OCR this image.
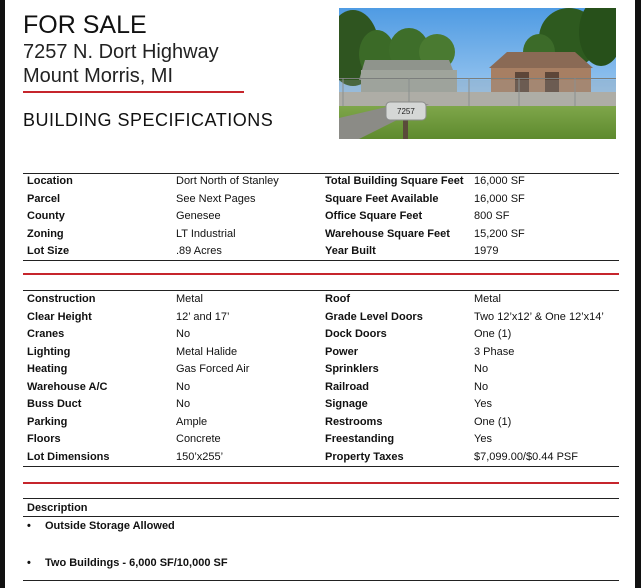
FOR SALE
7257 N. Dort Highway
Mount Morris, MI
BUILDING SPECIFICATIONS	7257
Location	Dort North of Stanley	Total Building Square Feet 16,000 SF
Parcel	See Next Pages	Square Feet Available	16,000 SF
County	Genesee	Office Square Feet	800 SF
Zoning	LT Industrial	Warehouse Square Feet 15,200 SF
Lot Size	.89 Acres	Year Built	1979
Construction	Metal	Roof	Metal
Clear Height	12’ and 17’	Grade Level Doors	Two 12’x12’ & One 12’x14’
Cranes	No	Dock Doors	One (1)
Lighting	Metal Halide	Power	3 Phase
Heating	Gas Forced Air	Sprinklers	No
Warehouse A/C	No	Railroad	No
Buss Duct	No	Signage	Yes
Parking	Ample	Restrooms	One (1)
Floors	Concrete	Freestanding	Yes
Lot Dimensions	150’x255’	Property Taxes	$7,099.00/$0.44 PSF
Description
• Outside Storage Allowed
• Two Buildings - 6,000 SF/10,000 SF
